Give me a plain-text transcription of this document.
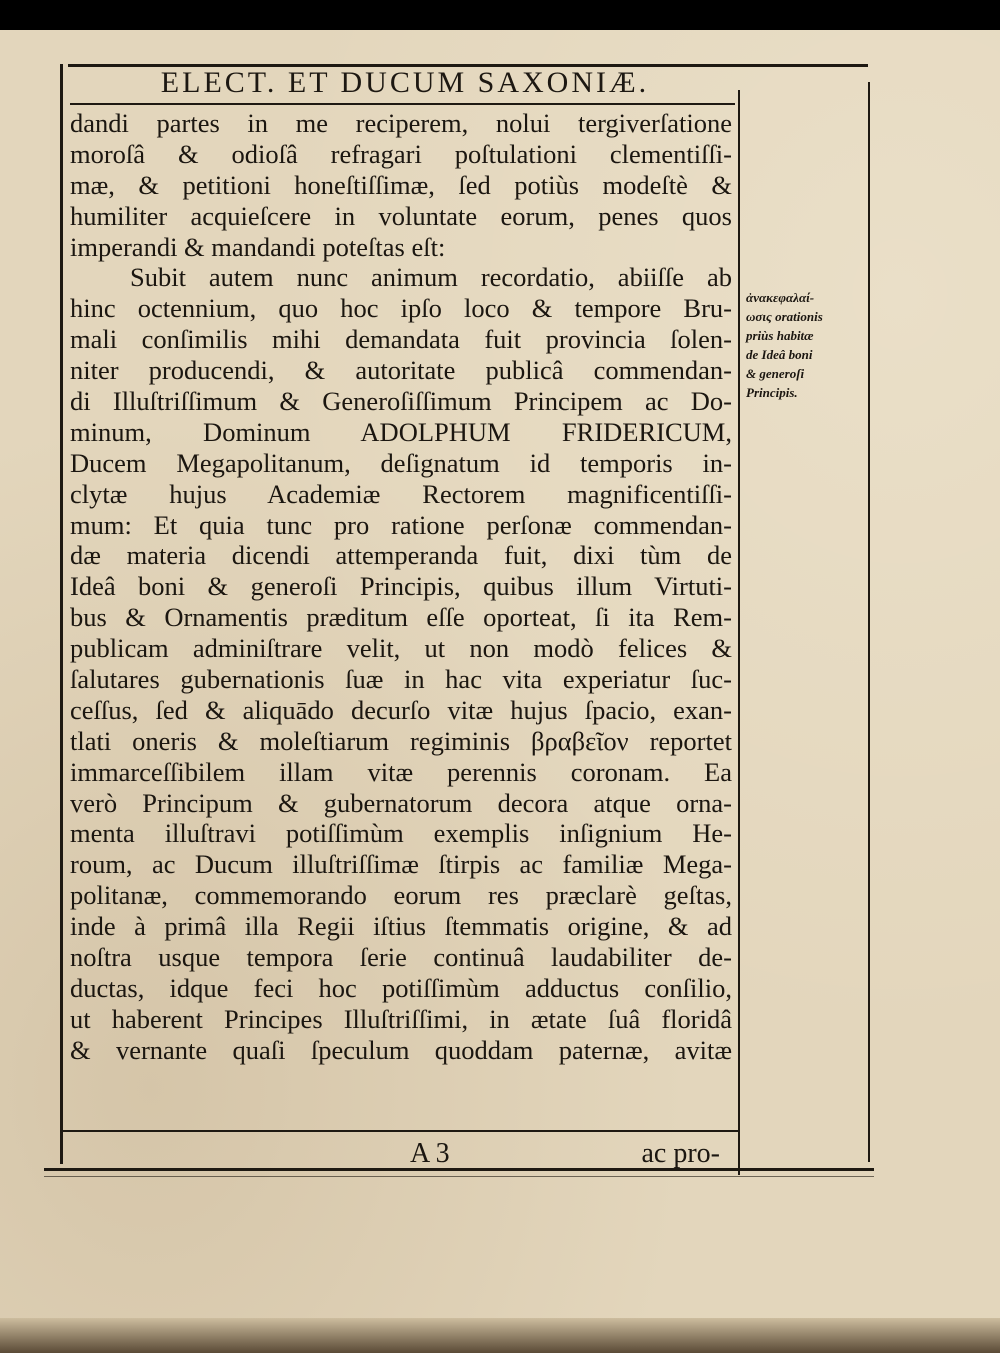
ELECT. ET DUCUM SAXONIÆ.
dandi partes in me reciperem, nolui tergiverſatione
moroſâ & odioſâ refragari poſtulationi clementiſſi-
mæ, & petitioni honeſtiſſimæ, ſed potiùs modeſtè &
humiliter acquieſcere in voluntate eorum, penes quos
imperandi & mandandi poteſtas eſt:
Subit autem nunc animum recordatio, abiiſſe ab
hinc octennium, quo hoc ipſo loco & tempore Bru-
mali conſimilis mihi demandata fuit provincia ſolen-
niter producendi, & autoritate publicâ commendan-
di Illuſtriſſimum & Generoſiſſimum Principem ac Do-
minum, Dominum ADOLPHUM FRIDERICUM,
Ducem Megapolitanum, deſignatum id temporis in-
clytæ hujus Academiæ Rectorem magnificentiſſi-
mum: Et quia tunc pro ratione perſonæ commendan-
dæ materia dicendi attemperanda fuit, dixi tùm de
Ideâ boni & generoſi Principis, quibus illum Virtuti-
bus & Ornamentis præditum eſſe oporteat, ſi ita Rem-
publicam adminiſtrare velit, ut non modò felices &
ſalutares gubernationis ſuæ in hac vita experiatur ſuc-
ceſſus, ſed & aliquādo decurſo vitæ hujus ſpacio, exan-
tlati oneris & moleſtiarum regiminis βραβεῖον reportet
immarceſſibilem illam vitæ perennis coronam. Ea
verò Principum & gubernatorum decora atque orna-
menta illuſtravi potiſſimùm exemplis inſignium He-
roum, ac Ducum illuſtriſſimæ ſtirpis ac familiæ Mega-
politanæ, commemorando eorum res præclarè geſtas,
inde à primâ illa Regii iſtius ſtemmatis origine, & ad
noſtra usque tempora ſerie continuâ laudabiliter de-
ductas, idque feci hoc potiſſimùm adductus conſilio,
ut haberent Principes Illuſtriſſimi, in ætate ſuâ floridâ
& vernante quaſi ſpeculum quoddam paternæ, avitæ
ἀνακεφαλαί-
ωσις orationis
priùs habitæ
de Ideâ boni
& generoſi
Principis.
A 3	ac pro-
